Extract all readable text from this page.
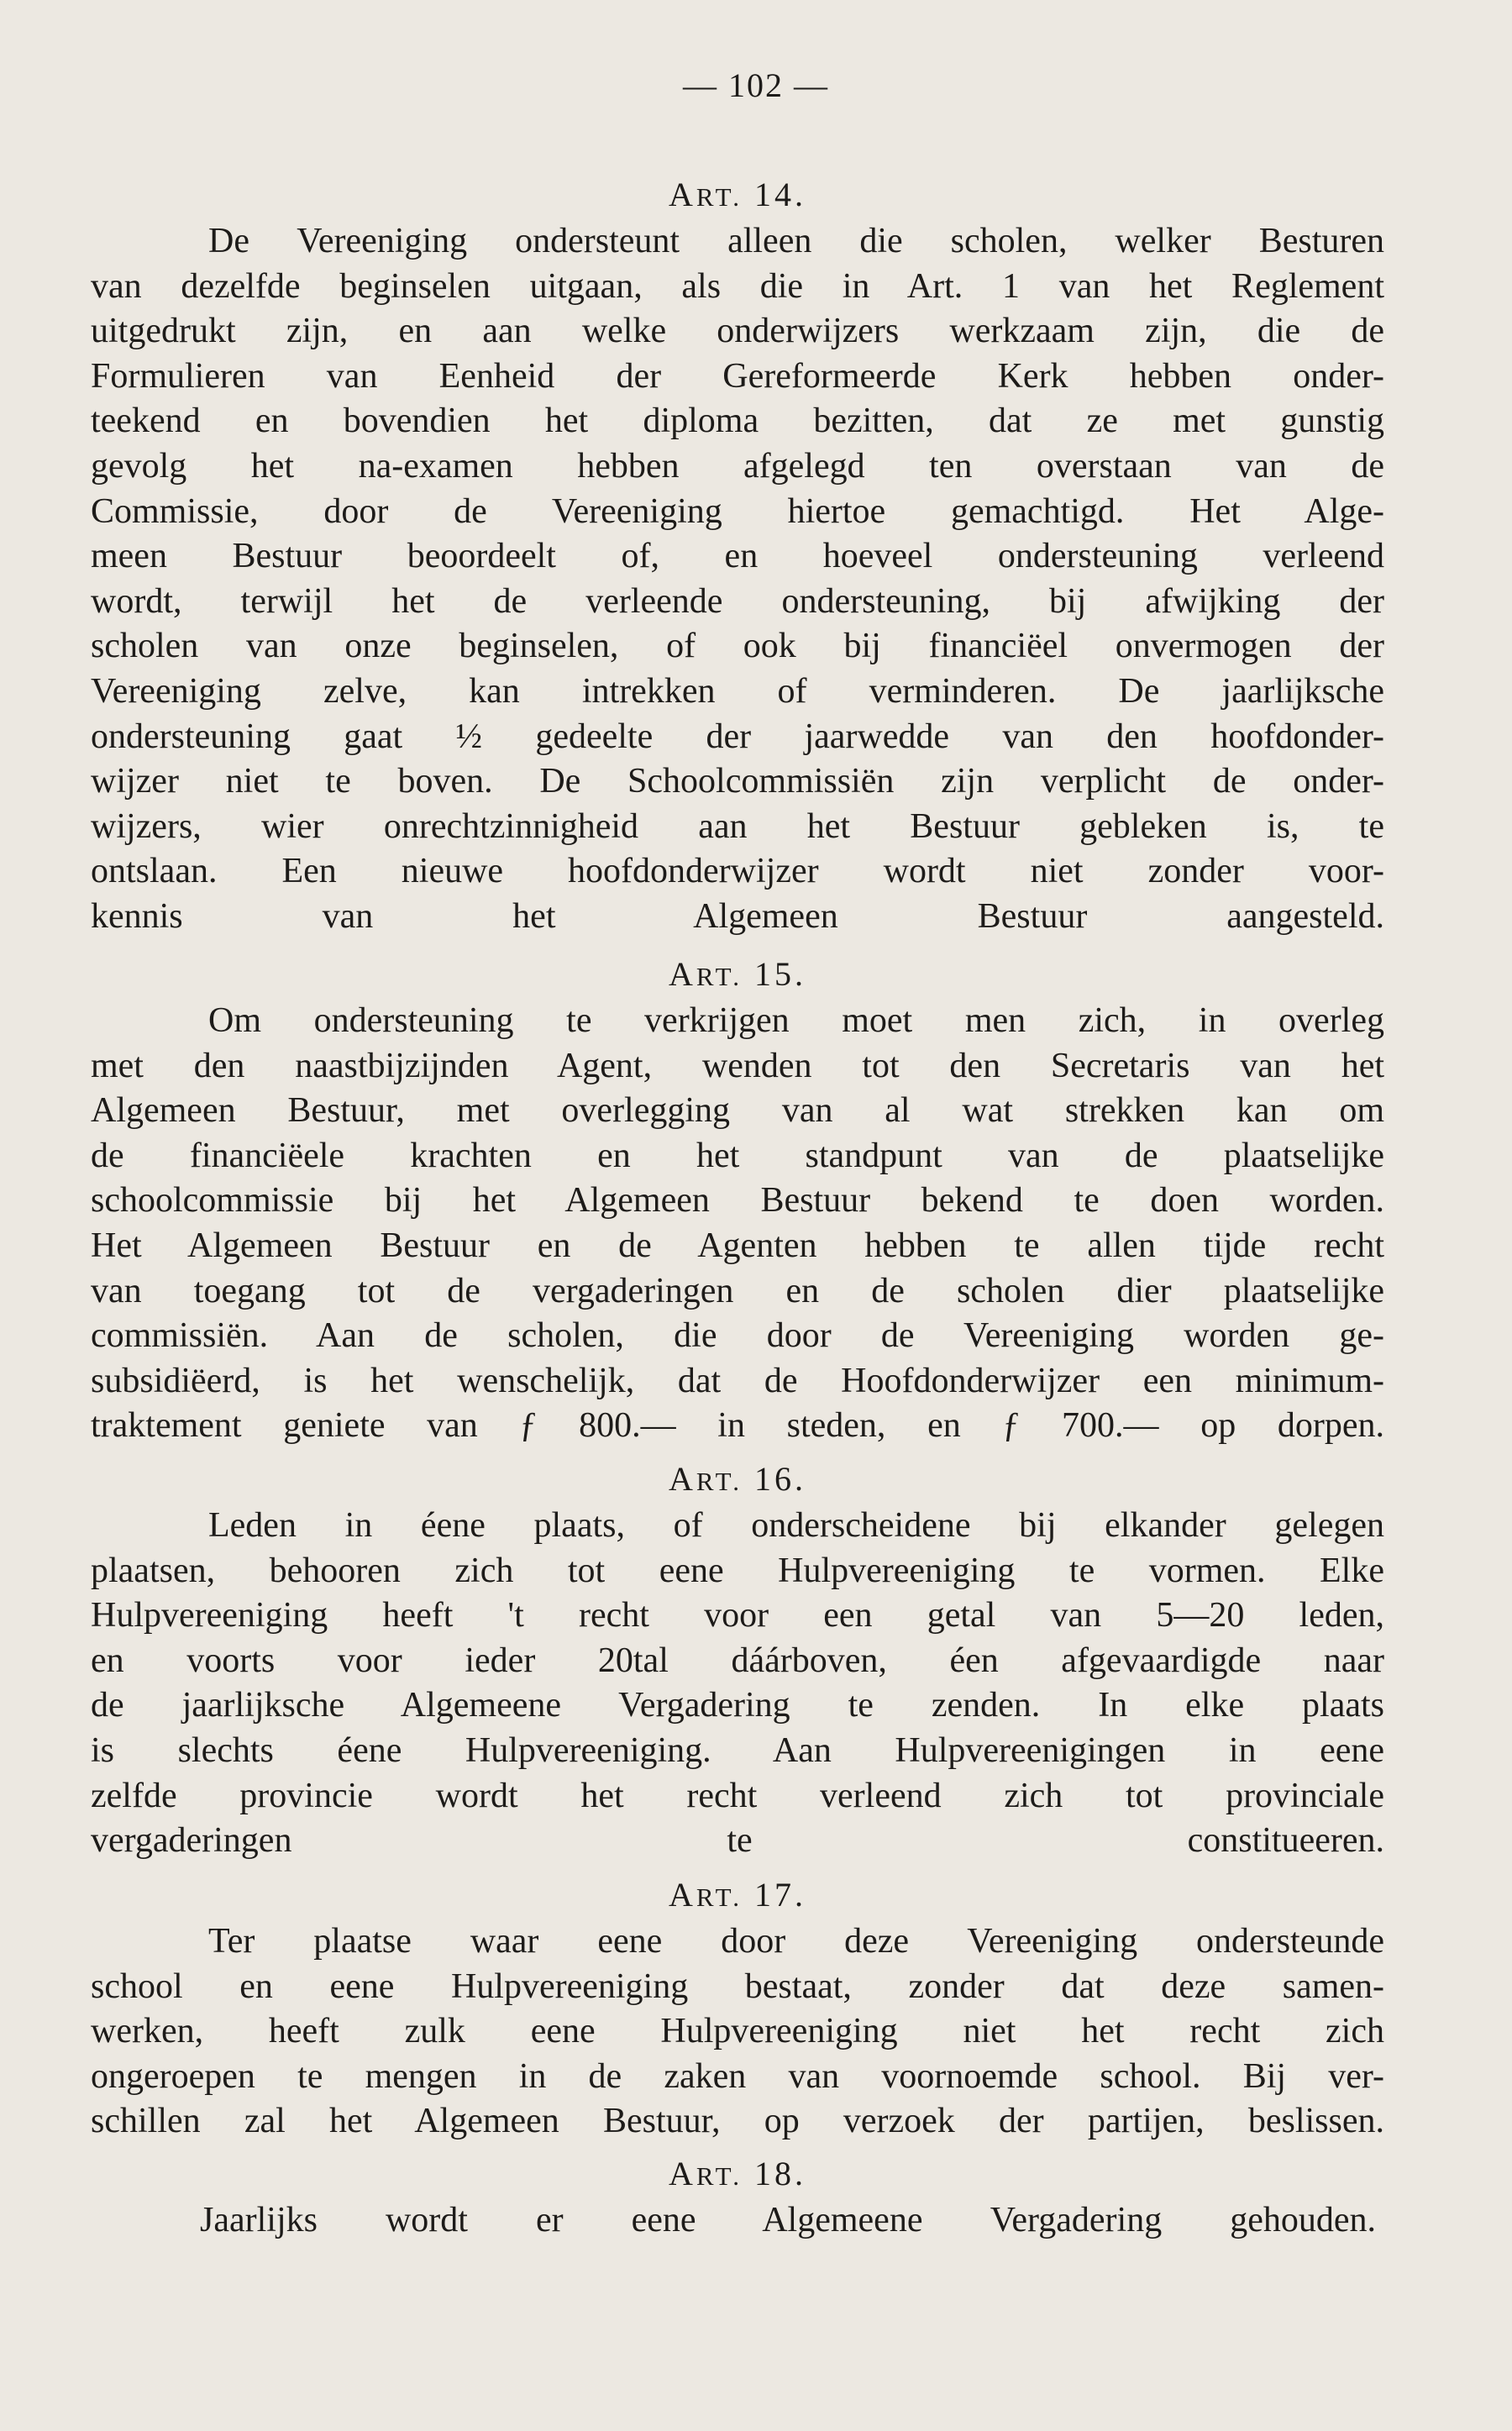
— 102 —
ART. 14.

De Vereeniging ondersteunt alleen die scholen, welker Besturen
van dezelfde beginselen uitgaan, als die in Art. 1 van het Reglement
uitgedrukt zijn, en aan welke onderwijzers werkzaam zijn, die de
Formulieren van Eenheid der Gereformeerde Kerk hebben onder-
teekend en bovendien het diploma bezitten, dat ze met gunstig
gevolg het na-examen hebben afgelegd ten overstaan van de
Commissie, door de Vereeniging hiertoe gemachtigd. Het Alge-
meen Bestuur beoordeelt of, en hoeveel ondersteuning verleend
wordt, terwijl het de verleende ondersteuning, bij afwijking der
scholen van onze beginselen, of ook bij financiëel onvermogen der
Vereeniging zelve, kan intrekken of verminderen. De jaarlijksche
ondersteuning gaat ½ gedeelte der jaarwedde van den hoofdonder-
wijzer niet te boven. De Schoolcommissiën zijn verplicht de onder-
wijzers, wier onrechtzinnigheid aan het Bestuur gebleken is, te
ontslaan. Een nieuwe hoofdonderwijzer wordt niet zonder voor-
kennis van het Algemeen Bestuur aangesteld.

ART. 15.

Om ondersteuning te verkrijgen moet men zich, in overleg
met den naastbijzijnden Agent, wenden tot den Secretaris van het
Algemeen Bestuur, met overlegging van al wat strekken kan om
de financiëele krachten en het standpunt van de plaatselijke
schoolcommissie bij het Algemeen Bestuur bekend te doen worden.
Het Algemeen Bestuur en de Agenten hebben te allen tijde recht
van toegang tot de vergaderingen en de scholen dier plaatselijke
commissiën. Aan de scholen, die door de Vereeniging worden ge-
subsidiëerd, is het wenschelijk, dat de Hoofdonderwijzer een minimum-
traktement geniete van ƒ 800.— in steden, en ƒ 700.— op dorpen.

ART. 16.

Leden in éene plaats, of onderscheidene bij elkander gelegen
plaatsen, behooren zich tot eene Hulpvereeniging te vormen. Elke
Hulpvereeniging heeft 't recht voor een getal van 5—20 leden,
en voorts voor ieder 20tal dáárboven, éen afgevaardigde naar
de jaarlijksche Algemeene Vergadering te zenden. In elke plaats
is slechts éene Hulpvereeniging. Aan Hulpvereenigingen in eene
zelfde provincie wordt het recht verleend zich tot provinciale
vergaderingen te constitueeren.

ART. 17.

Ter plaatse waar eene door deze Vereeniging ondersteunde
school en eene Hulpvereeniging bestaat, zonder dat deze samen-
werken, heeft zulk eene Hulpvereeniging niet het recht zich
ongeroepen te mengen in de zaken van voornoemde school. Bij ver-
schillen zal het Algemeen Bestuur, op verzoek der partijen, beslissen.

ART. 18.

Jaarlijks wordt er eene Algemeene Vergadering gehouden.
